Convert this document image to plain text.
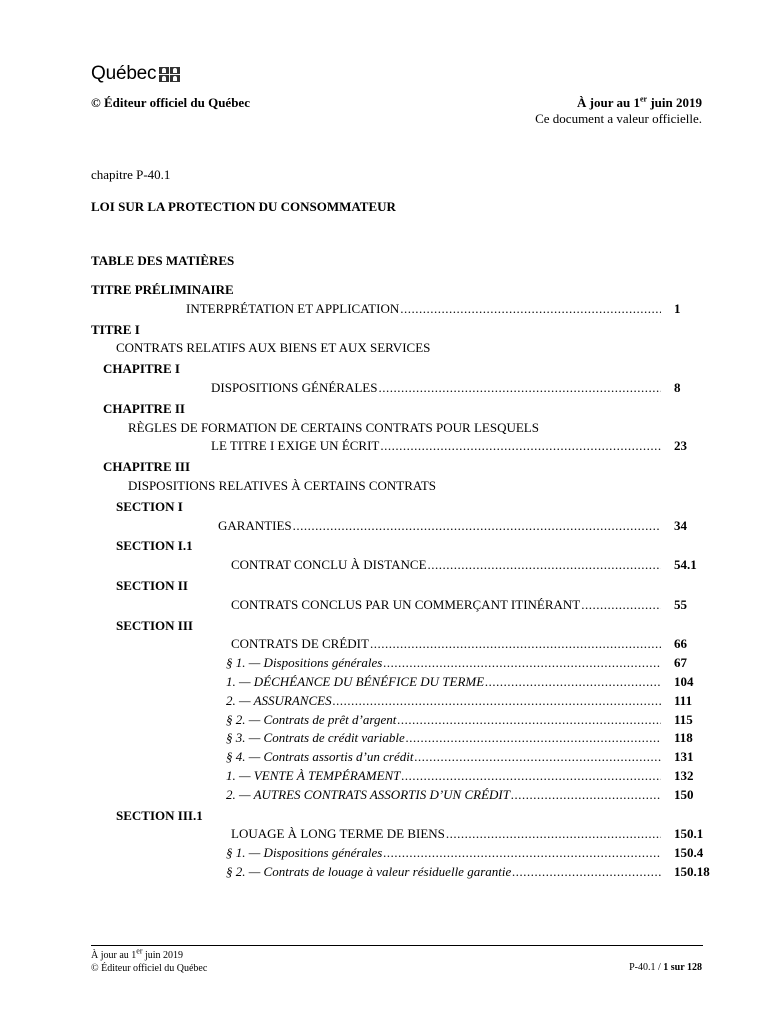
Québec
© Éditeur officiel du Québec	À jour au 1er juin 2019
Ce document a valeur officielle.
chapitre P-40.1
LOI SUR LA PROTECTION DU CONSOMMATEUR
TABLE DES MATIÈRES
TITRE PRÉLIMINAIRE
INTERPRÉTATION ET APPLICATION .....	1
TITRE I
CONTRATS RELATIFS AUX BIENS ET AUX SERVICES
CHAPITRE I
DISPOSITIONS GÉNÉRALES .....	8
CHAPITRE II
RÈGLES DE FORMATION DE CERTAINS CONTRATS POUR LESQUELS
LE TITRE I EXIGE UN ÉCRIT .....	23
CHAPITRE III
DISPOSITIONS RELATIVES À CERTAINS CONTRATS
SECTION I
GARANTIES .....	34
SECTION I.1
CONTRAT CONCLU À DISTANCE .....	54.1
SECTION II
CONTRATS CONCLUS PAR UN COMMERÇANT ITINÉRANT .....	55
SECTION III
CONTRATS DE CRÉDIT .....	66
§ 1. — Dispositions générales .....	67
1. — DÉCHÉANCE DU BÉNÉFICE DU TERME .....	104
2. — ASSURANCES .....	111
§ 2. — Contrats de prêt d’argent .....	115
§ 3. — Contrats de crédit variable .....	118
§ 4. — Contrats assortis d’un crédit .....	131
1. — VENTE À TEMPÉRAMENT .....	132
2. — AUTRES CONTRATS ASSORTIS D’UN CRÉDIT .....	150
SECTION III.1
LOUAGE À LONG TERME DE BIENS .....	150.1
§ 1. — Dispositions générales .....	150.4
§ 2. — Contrats de louage à valeur résiduelle garantie .....	150.18
À jour au 1er juin 2019
© Éditeur officiel du Québec	P-40.1 / 1 sur 128
